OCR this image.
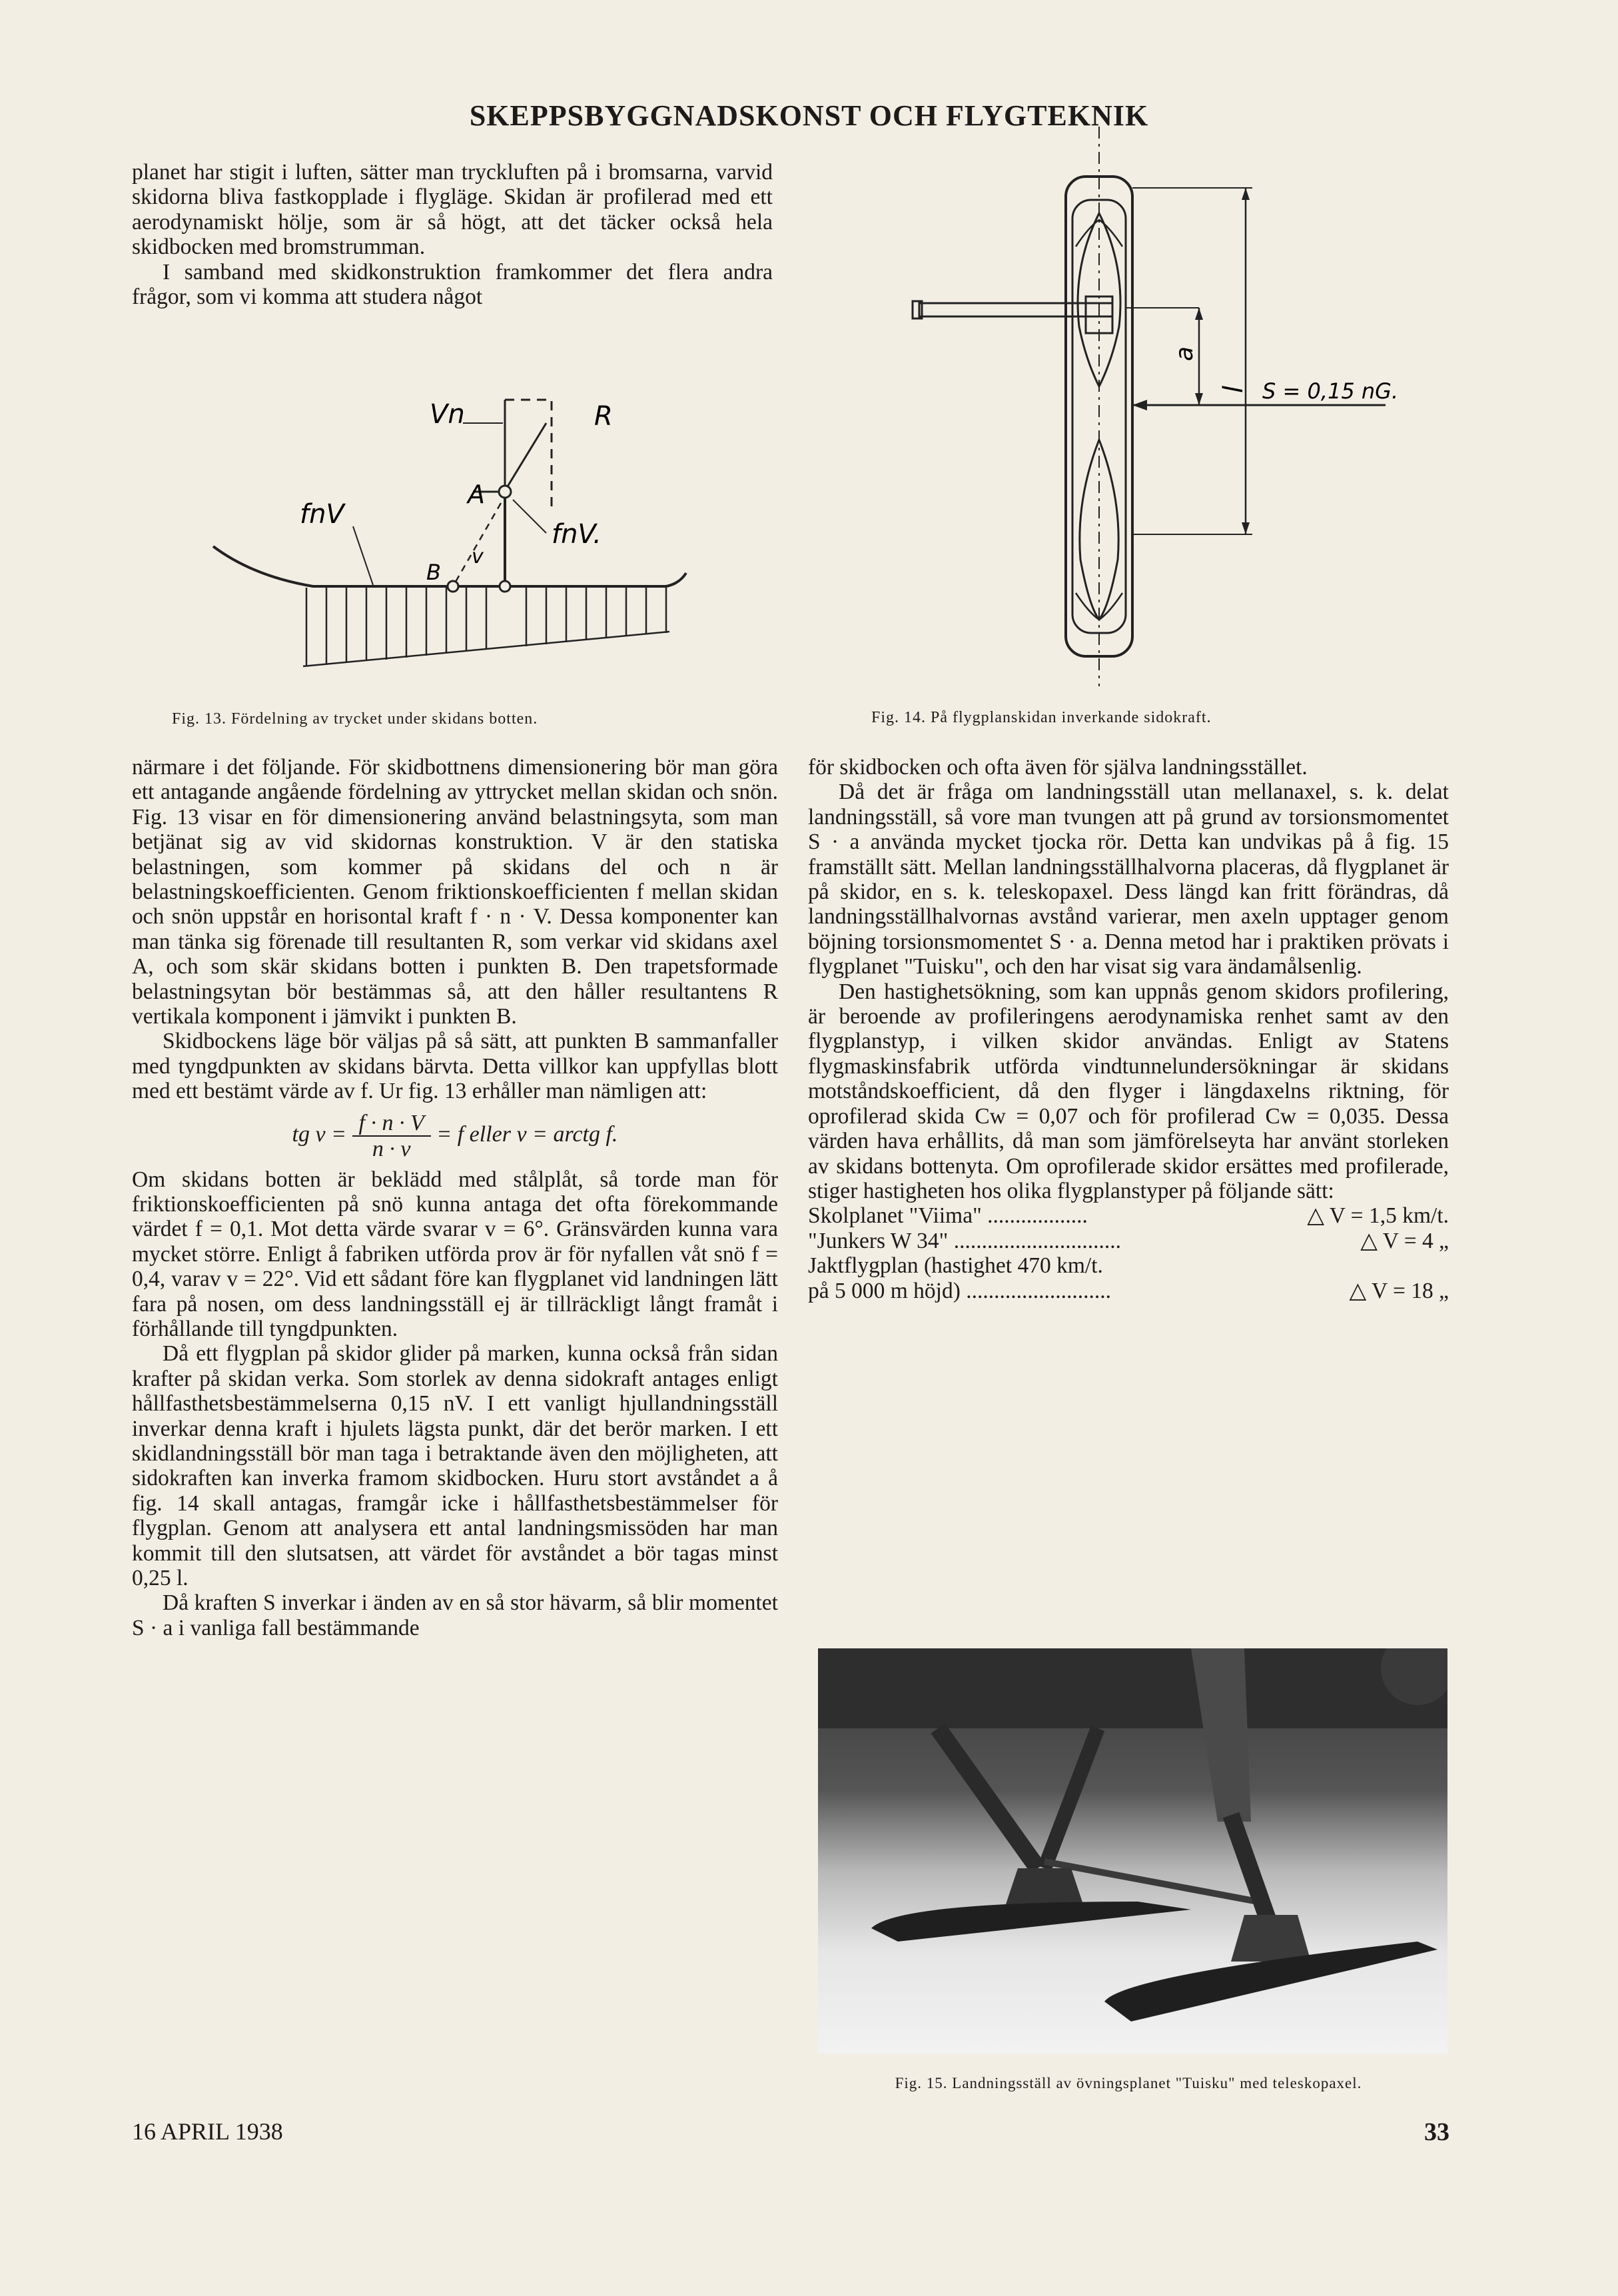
SKEPPSBYGGNADSKONST OCH FLYGTEKNIK

planet har stigit i luften, sätter man tryckluften på i bromsarna, varvid skidorna bliva fastkopplade i flygläge. Skidan är profilerad med ett aerodynamiskt hölje, som är så högt, att det täcker också hela skidbocken med bromstrumman.

I samband med skidkonstruktion framkommer det flera andra frågor, som vi komma att studera något

Vn	R
A
fnV
fnV.
B
v
Fig. 13. Fördelning av trycket under skidans botten.
a
l S = 0,15 nG.
Fig. 14. På flygplanskidan inverkande sidokraft.

närmare i det följande. För skidbottnens dimensionering bör man göra ett antagande angående fördelning av yttrycket mellan skidan och snön. Fig. 13 visar en för dimensionering använd belastningsyta, som man betjänat sig av vid skidornas konstruktion. V är den statiska belastningen, som kommer på skidans del och n är belastningskoefficienten. Genom friktionskoefficienten f mellan skidan och snön uppstår en horisontal kraft f · n · V. Dessa komponenter kan man tänka sig förenade till resultanten R, som verkar vid skidans axel A, och som skär skidans botten i punkten B. Den trapetsformade belastningsytan bör bestämmas så, att den håller resultantens R vertikala komponent i jämvikt i punkten B.

Skidbockens läge bör väljas på så sätt, att punkten B sammanfaller med tyngdpunkten av skidans bärvta. Detta villkor kan uppfyllas blott med ett bestämt värde av f. Ur fig. 13 erhåller man nämligen att:

tg $v = \frac{f \cdot n \cdot V}{n \cdot v} = f$ eller v = arctg f.

Om skidans botten är beklädd med stålplåt, så torde man för friktionskoefficienten på snö kunna antaga det ofta förekommande värdet f = 0,1. Mot detta värde svarar v = 6°. Gränsvärden kunna vara mycket större. Enligt å fabriken utförda prov är för nyfallen våt snö f = 0,4, varav v = 22°. Vid ett sådant före kan flygplanet vid landningen lätt fara på nosen, om dess landningsställ ej är tillräckligt långt framåt i förhållande till tyngdpunkten.

Då ett flygplan på skidor glider på marken, kunna också från sidan krafter på skidan verka. Som storlek av denna sidokraft antages enligt hållfasthetsbestämmelserna 0,15 nV. I ett vanligt hjullandningsställ inverkar denna kraft i hjulets lägsta punkt, där det berör marken. I ett skidlandningsställ bör man taga i betraktande även den möjligheten, att sidokraften kan inverka framom skidbocken. Huru stort avståndet a å fig. 14 skall antagas, framgår icke i hållfasthetsbestämmelser för flygplan. Genom att analysera ett antal landningsmissöden har man kommit till den slutsatsen, att värdet för avståndet a bör tagas minst 0,25 l.

Då kraften S inverkar i änden av en så stor hävarm, så blir momentet S · a i vanliga fall bestämmande

för skidbocken och ofta även för själva landningsstället.

Då det är fråga om landningsställ utan mellanaxel, s. k. delat landningsställ, så vore man tvungen att på grund av torsionsmomentet S · a använda mycket tjocka rör. Detta kan undvikas på å fig. 15 framställt sätt. Mellan landningsställhalvorna placeras, då flygplanet är på skidor, en s. k. teleskopaxel. Dess längd kan fritt förändras, då landningsställhalvornas avstånd varierar, men axeln upptager genom böjning torsionsmomentet S · a. Denna metod har i praktiken prövats i flygplanet "Tuisku", och den har visat sig vara ändamålsenlig.

Den hastighetsökning, som kan uppnås genom skidors profilering, är beroende av profileringens aerodynamiska renhet samt av den flygplanstyp, i vilken skidor användas. Enligt av Statens flygmaskinsfabrik utförda vindtunnelundersökningar är skidans motståndskoefficient, då den flyger i längdaxelns riktning, för oprofilerad skida Cw = 0,07 och för profilerad Cw = 0,035. Dessa värden hava erhållits, då man som jämförelseyta har använt storleken av skidans bottenyta. Om oprofilerade skidor ersättes med profilerade, stiger hastigheten hos olika flygplanstyper på följande sätt:

Skolplanet "Viima" ..................	△ V = 1,5 km/t.
"Junkers W 34" ..............................	△ V = 4 „
Jaktflygplan (hastighet 470 km/t.
på 5 000 m höjd) ..........................	△ V = 18 „
Fig. 15. Landningsställ av övningsplanet "Tuisku" med teleskopaxel.
16 APRIL 1938	33
